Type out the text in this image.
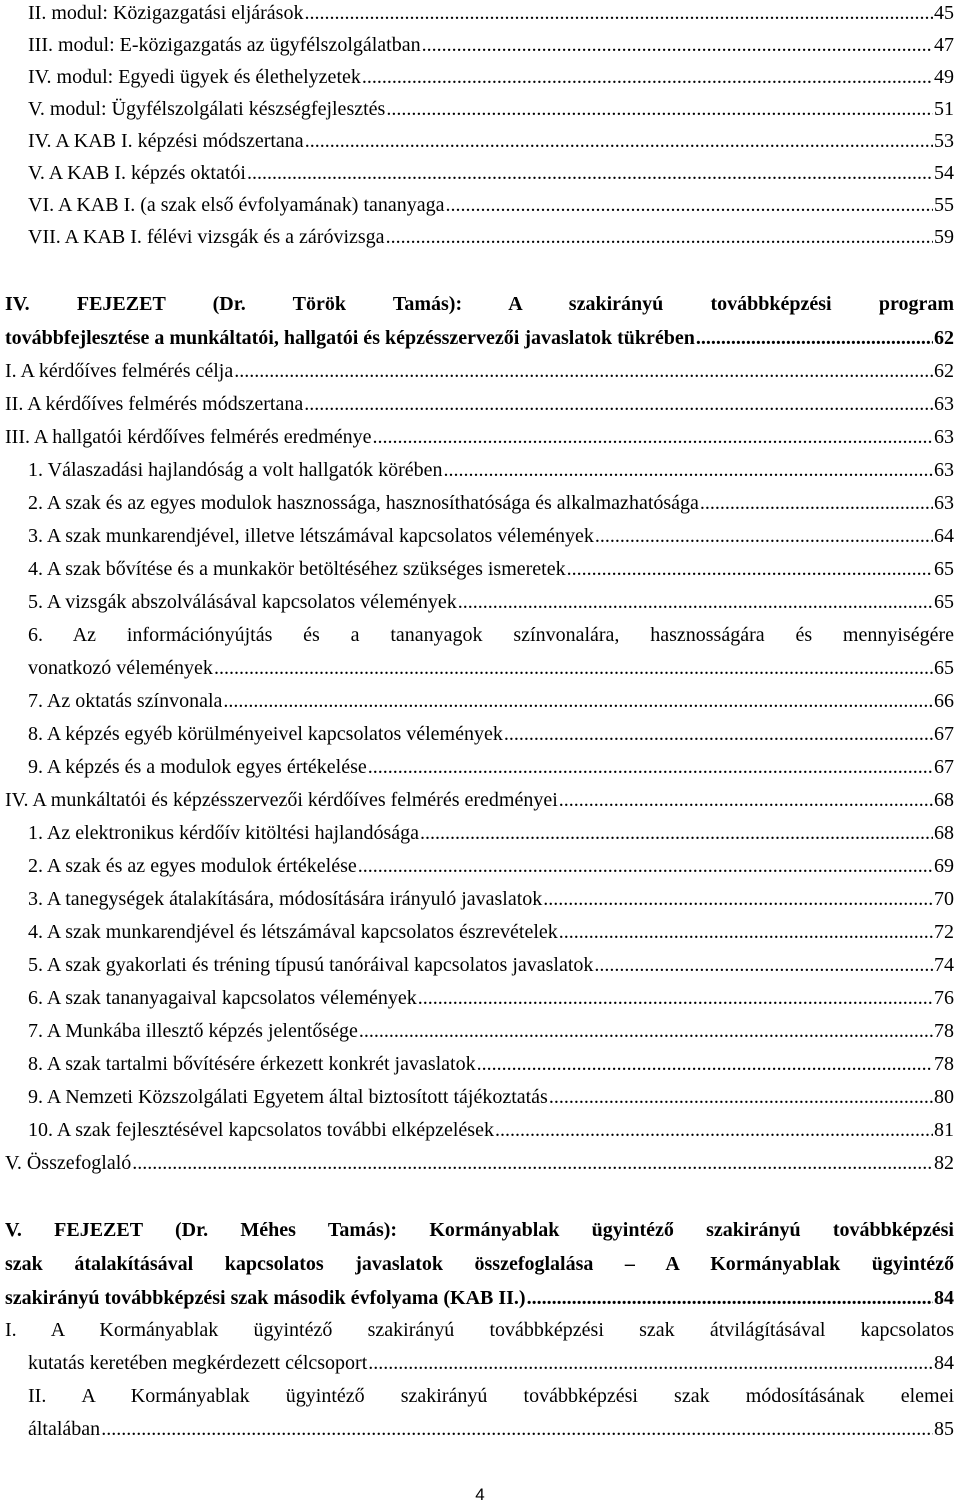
II. modul: Közigazgatási eljárások .....	45
III. modul: E-közigazgatás az ügyfélszolgálatban .....	47
IV. modul: Egyedi ügyek és élethelyzetek .....	49
V. modul: Ügyfélszolgálati készségfejlesztés .....	51
IV. A KAB I. képzési módszertana .....	53
V. A KAB I. képzés oktatói .....	54
VI. A KAB I. (a szak első évfolyamának) tananyaga .....	55
VII. A KAB I. félévi vizsgák és a záróvizsga .....	59
IV. FEJEZET (Dr. Török Tamás): A szakirányú továbbképzési program
továbbfejlesztése a munkáltatói, hallgatói és képzésszervezői javaslatok tükrében .....	62
I. A kérdőíves felmérés célja .....	62
II. A kérdőíves felmérés módszertana .....	63
III. A hallgatói kérdőíves felmérés eredménye .....	63
1. Válaszadási hajlandóság a volt hallgatók körében .....	63
2. A szak és az egyes modulok hasznossága, hasznosíthatósága és alkalmazhatósága .....	63
3. A szak munkarendjével, illetve létszámával kapcsolatos vélemények .....	64
4. A szak bővítése és a munkakör betöltéséhez szükséges ismeretek .....	65
5. A vizsgák abszolválásával kapcsolatos vélemények .....	65
6. Az információnyújtás és a tananyagok színvonalára, hasznosságára és mennyiségére
vonatkozó vélemények .....	65
7. Az oktatás színvonala .....	66
8. A képzés egyéb körülményeivel kapcsolatos vélemények .....	67
9. A képzés és a modulok egyes értékelése .....	67
IV. A munkáltatói és képzésszervezői kérdőíves felmérés eredményei .....	68
1. Az elektronikus kérdőív kitöltési hajlandósága .....	68
2. A szak és az egyes modulok értékelése .....	69
3. A tanegységek átalakítására, módosítására irányuló javaslatok .....	70
4. A szak munkarendjével és létszámával kapcsolatos észrevételek .....	72
5. A szak gyakorlati és tréning típusú tanóráival kapcsolatos javaslatok .....	74
6. A szak tananyagaival kapcsolatos vélemények .....	76
7. A Munkába illesztő képzés jelentősége .....	78
8. A szak tartalmi bővítésére érkezett konkrét javaslatok .....	78
9. A Nemzeti Közszolgálati Egyetem által biztosított tájékoztatás .....	80
10. A szak fejlesztésével kapcsolatos további elképzelések .....	81
V. Összefoglaló .....	82
V. FEJEZET (Dr. Méhes Tamás): Kormányablak ügyintéző szakirányú továbbképzési
szak átalakításával kapcsolatos javaslatok összefoglalása – A Kormányablak ügyintéző
szakirányú továbbképzési szak második évfolyama (KAB II.) .....	84
I. A Kormányablak ügyintéző szakirányú továbbképzési szak átvilágításával kapcsolatos
kutatás keretében megkérdezett célcsoport .....	84
II. A Kormányablak ügyintéző szakirányú továbbképzési szak módosításának elemei
általában .....	85
4
